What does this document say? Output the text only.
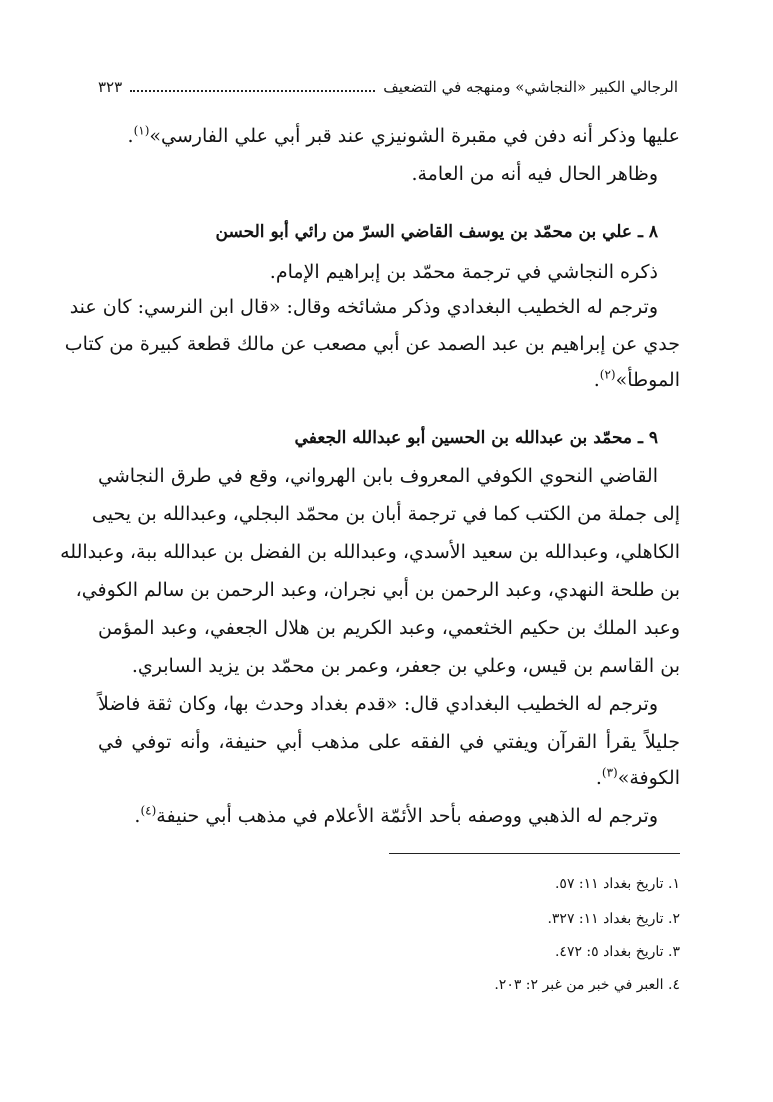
الرجالي الكبير «النجاشي» ومنهجه في التضعيف
٣٢٣
عليها وذكر أنه دفن في مقبرة الشونيزي عند قبر أبي علي الفارسي»$^{(١)}$.
وظاهر الحال فيه أنه من العامة.
٨ ـ علي بن محمّد بن يوسف القاضي السرّ من رائي أبو الحسن
ذكره النجاشي في ترجمة محمّد بن إبراهيم الإمام.
وترجم له الخطيب البغدادي وذكر مشائخه وقال: «قال ابن النرسي: كان عند
جدي عن إبراهيم بن عبد الصمد عن أبي مصعب عن مالك قطعة كبيرة من كتاب
الموطأ»$^{(٢)}$.
٩ ـ محمّد بن عبدالله بن الحسين أبو عبدالله الجعفي
القاضي النحوي الكوفي المعروف بابن الهرواني، وقع في طرق النجاشي
إلى جملة من الكتب كما في ترجمة أبان بن محمّد البجلي، وعبدالله بن يحيى
الكاهلي، وعبدالله بن سعيد الأسدي، وعبدالله بن الفضل بن عبدالله ببة، وعبدالله
بن طلحة النهدي، وعبد الرحمن بن أبي نجران، وعبد الرحمن بن سالم الكوفي،
وعبد الملك بن حكيم الخثعمي، وعبد الكريم بن هلال الجعفي، وعبد المؤمن
بن القاسم بن قيس، وعلي بن جعفر، وعمر بن محمّد بن يزيد السابري.
وترجم له الخطيب البغدادي قال: «قدم بغداد وحدث بها، وكان ثقة فاضلاً
جليلاً يقرأ القرآن ويفتي في الفقه على مذهب أبي حنيفة، وأنه توفي في
الكوفة»$^{(٣)}$.
وترجم له الذهبي ووصفه بأحد الأئمّة الأعلام في مذهب أبي حنيفة$^{(٤)}$.
١. تاريخ بغداد ١١: ٥٧.
٢. تاريخ بغداد ١١: ٣٢٧.
٣. تاريخ بغداد ٥: ٤٧٢.
٤. العبر في خبر من غبر ٢: ٢٠٣.
